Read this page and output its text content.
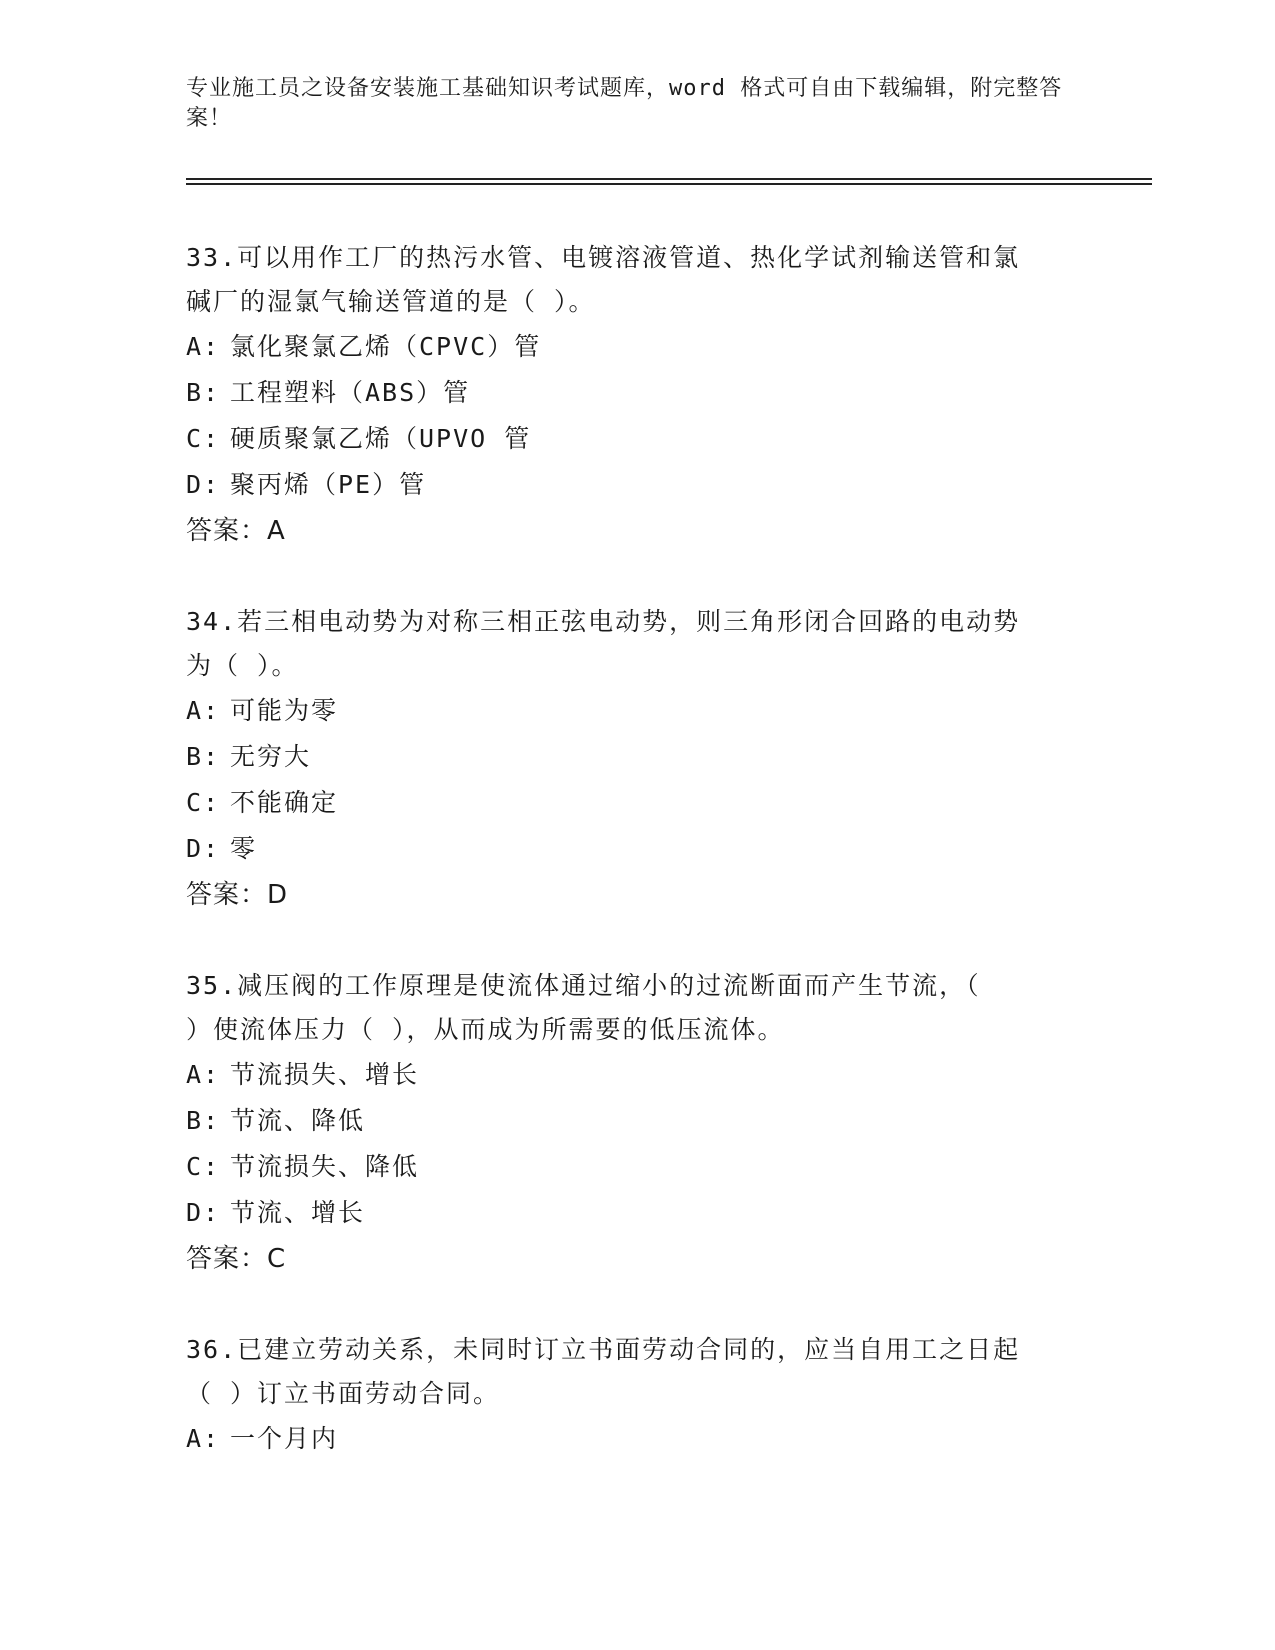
专业施工员之设备安装施工基础知识考试题库，word 格式可自由下载编辑，附完整答案！
33.可以用作工厂的热污水管、电镀溶液管道、热化学试剂输送管和氯
碱厂的湿氯气输送管道的是（ ）。
A: 氯化聚氯乙烯（CPVC）管
B: 工程塑料（ABS）管
C: 硬质聚氯乙烯（UPVO 管
D: 聚丙烯（PE）管
答案：A
34.若三相电动势为对称三相正弦电动势，则三角形闭合回路的电动势
为（ ）。
A: 可能为零
B: 无穷大
C: 不能确定
D: 零
答案：D
35.减压阀的工作原理是使流体通过缩小的过流断面而产生节流，（
）使流体压力（ ），从而成为所需要的低压流体。
A: 节流损失、增长
B: 节流、降低
C: 节流损失、降低
D: 节流、增长
答案：C
36.已建立劳动关系，未同时订立书面劳动合同的，应当自用工之日起
（ ）订立书面劳动合同。
A: 一个月内
